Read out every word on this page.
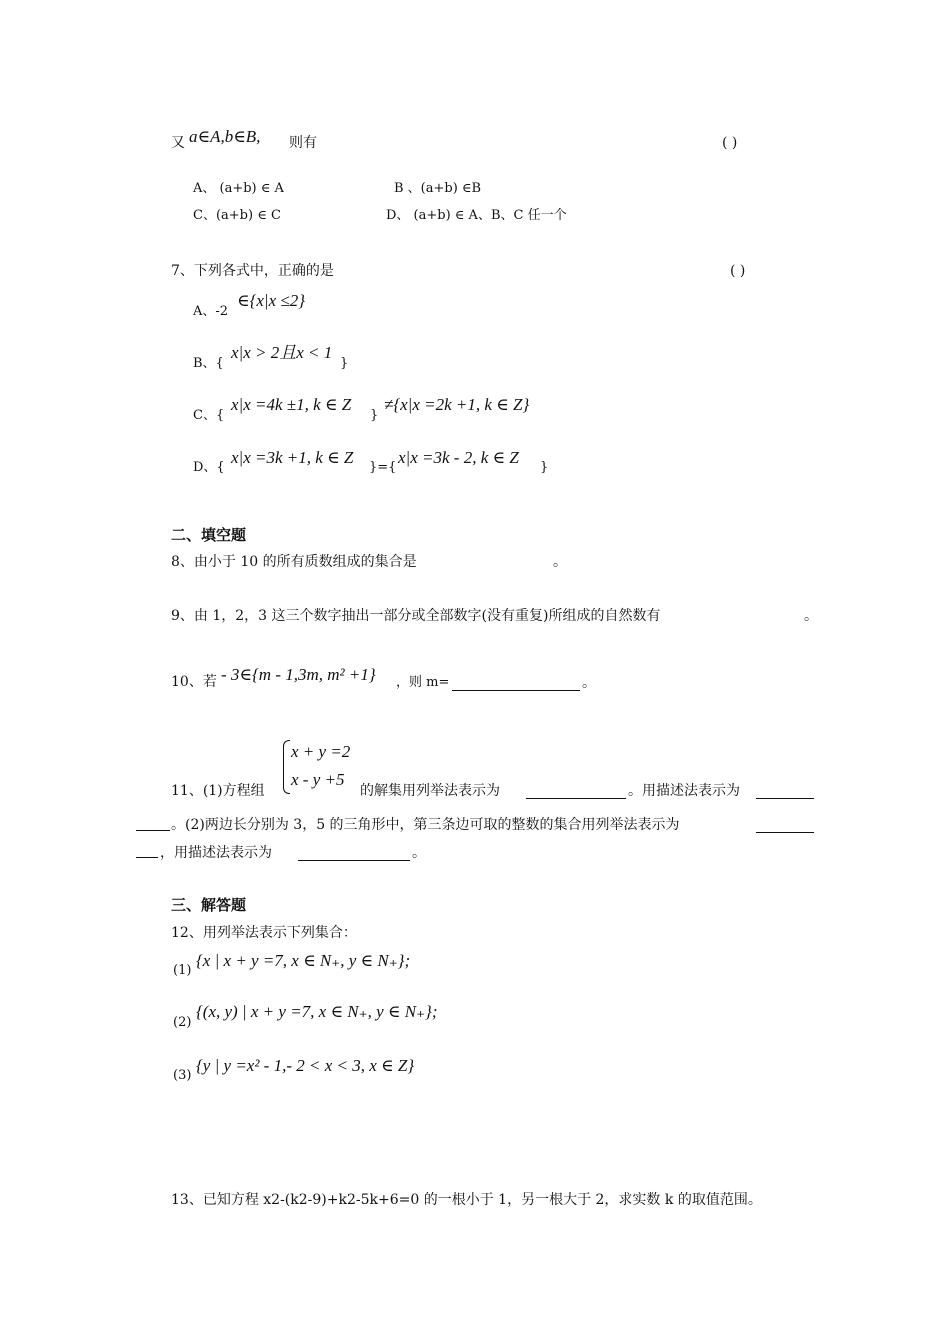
又 a∈A,b∈B, 则有	( )
A、 (a+b) ∈ A	B 、(a+b) ∈B
C、(a+b) ∈ C	D、 (a+b) ∈ A、B、C 任一个
7、下列各式中，正确的是	( )
A、-2
∈{x|x ≤2}
B、{
x|x > 2且x < 1
}
C、{
x|x =4k ±1, k ∈ Z
}
≠{x|x =2k +1, k ∈ Z}
D、{
x|x =3k +1, k ∈ Z
}={
x|x =3k - 2, k ∈ Z
}
二、填空题
8、由小于 10 的所有质数组成的集合是	。
9、由 1，2，3 这三个数字抽出一部分或全部数字(没有重复)所组成的自然数有	。
10、若 - 3∈{m - 1,3m, m² +1} ，则 m=	。
x + y =2
x - y +5
11、(1)方程组	的解集用列举法表示为	。用描述法表示为
。(2)两边长分别为 3，5 的三角形中，第三条边可取的整数的集合用列举法表示为
，用描述法表示为	。
三、解答题
12、用列举法表示下列集合：
(1)
{x | x + y =7, x ∈ N₊, y ∈ N₊};
(2)
{(x, y) | x + y =7, x ∈ N₊, y ∈ N₊};
(3)
{y | y =x² - 1,- 2 < x < 3, x ∈ Z}
13、已知方程 x2-(k2-9)+k2-5k+6=0 的一根小于 1，另一根大于 2，求实数 k 的取值范围。
